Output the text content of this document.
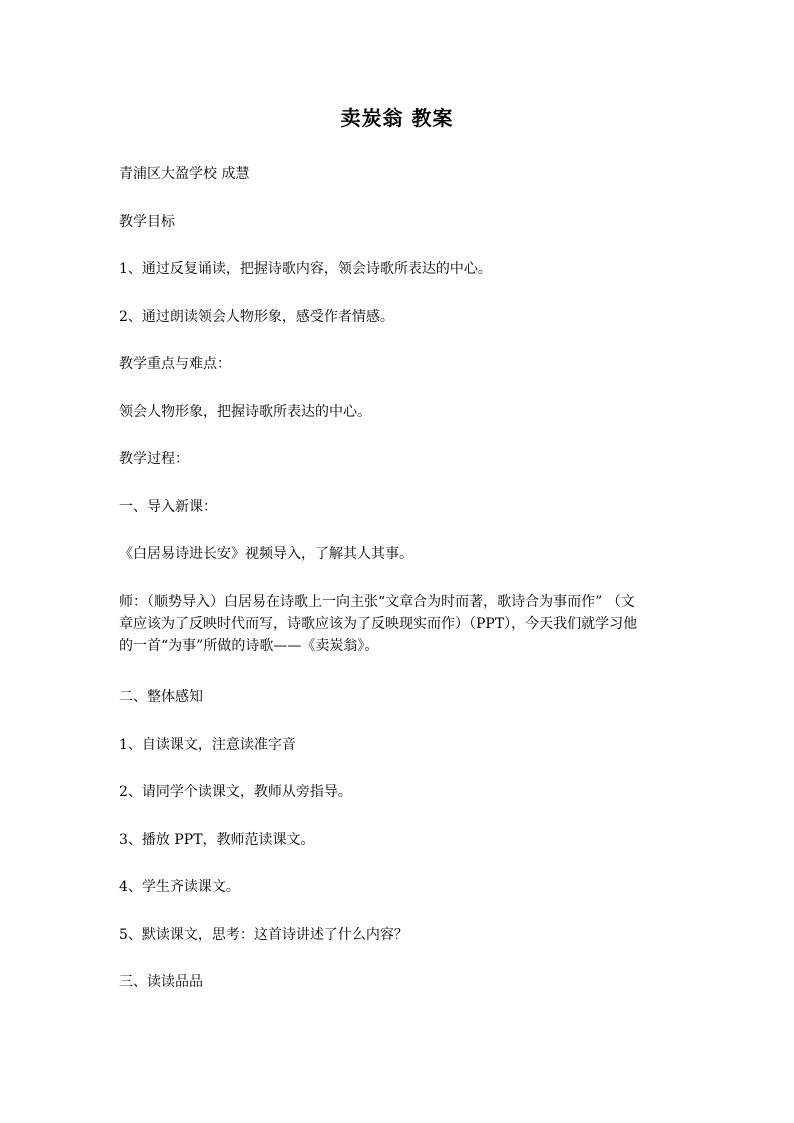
卖炭翁 教案
青浦区大盈学校 成慧
教学目标
1、通过反复诵读，把握诗歌内容，领会诗歌所表达的中心。
2、通过朗读领会人物形象，感受作者情感。
教学重点与难点：
领会人物形象，把握诗歌所表达的中心。
教学过程：
一、导入新课：
《白居易诗进长安》视频导入，了解其人其事。
师：（顺势导入）白居易在诗歌上一向主张“文章合为时而著，歌诗合为事而作” （文
章应该为了反映时代而写，诗歌应该为了反映现实而作）（PPT），今天我们就学习他
的一首“为事”所做的诗歌——《卖炭翁》。
二、整体感知
1、自读课文，注意读准字音
2、请同学个读课文，教师从旁指导。
3、播放 PPT，教师范读课文。
4、学生齐读课文。
5、默读课文，思考：这首诗讲述了什么内容？
三、读读品品
